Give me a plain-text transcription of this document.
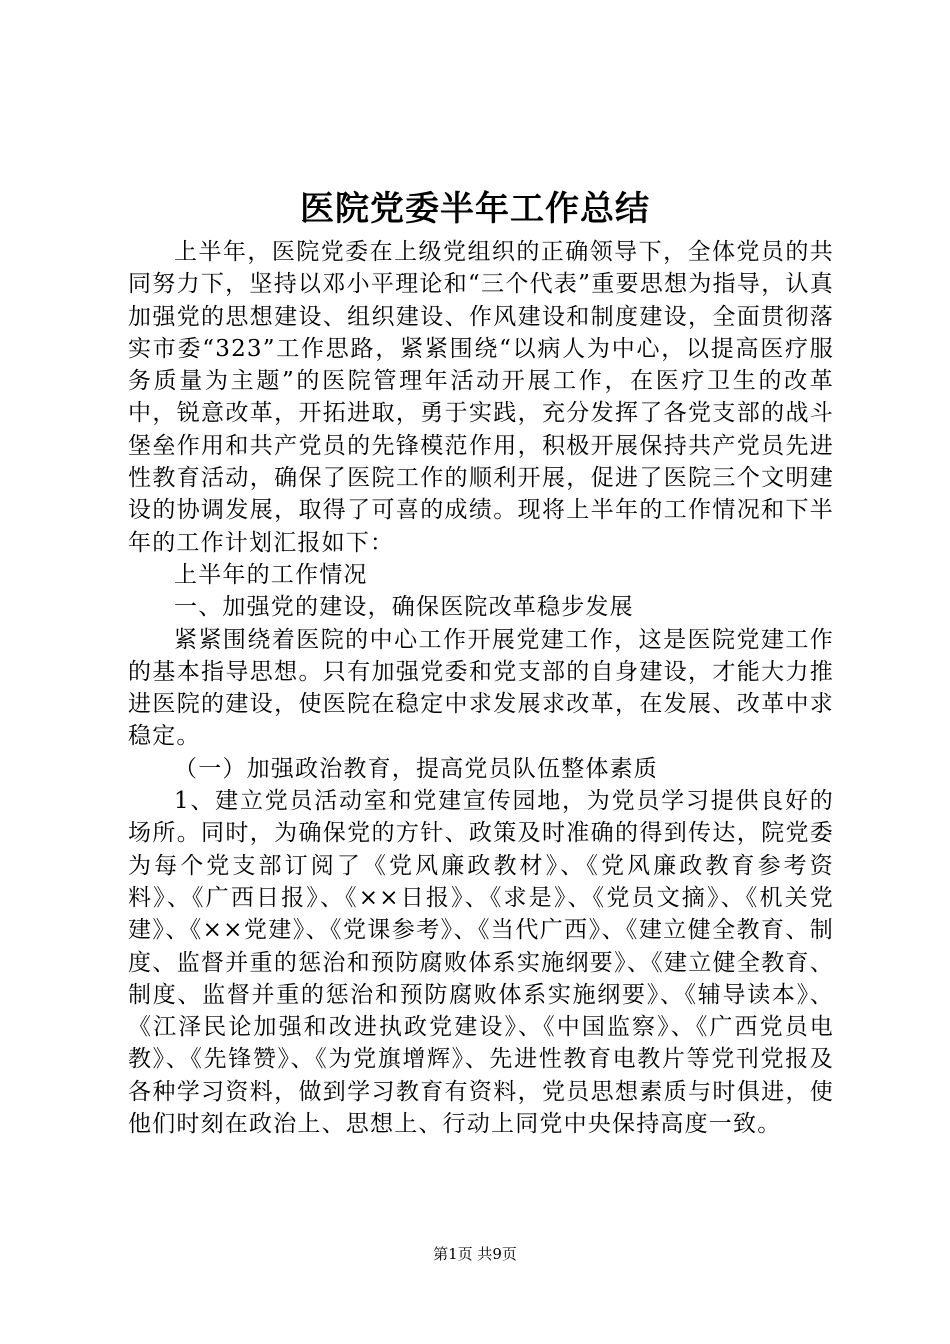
医院党委半年工作总结

上半年，医院党委在上级党组织的正确领导下，全体党员的共同努力下，坚持以邓小平理论和“三个代表”重要思想为指导，认真加强党的思想建设、组织建设、作风建设和制度建设，全面贯彻落实市委“323”工作思路，紧紧围绕“以病人为中心，以提高医疗服务质量为主题”的医院管理年活动开展工作，在医疗卫生的改革中，锐意改革，开拓进取，勇于实践，充分发挥了各党支部的战斗堡垒作用和共产党员的先锋模范作用，积极开展保持共产党员先进性教育活动，确保了医院工作的顺利开展，促进了医院三个文明建设的协调发展，取得了可喜的成绩。现将上半年的工作情况和下半年的工作计划汇报如下：

上半年的工作情况

一、加强党的建设，确保医院改革稳步发展

紧紧围绕着医院的中心工作开展党建工作，这是医院党建工作的基本指导思想。只有加强党委和党支部的自身建设，才能大力推进医院的建设，使医院在稳定中求发展求改革，在发展、改革中求稳定。

（一）加强政治教育，提高党员队伍整体素质

1、建立党员活动室和党建宣传园地，为党员学习提供良好的场所。同时，为确保党的方针、政策及时准确的得到传达，院党委为每个党支部订阅了《党风廉政教材》、《党风廉政教育参考资料》、《广西日报》、《××日报》、《求是》、《党员文摘》、《机关党建》、《××党建》、《党课参考》、《当代广西》、《建立健全教育、制度、监督并重的惩治和预防腐败体系实施纲要》、《建立健全教育、制度、监督并重的惩治和预防腐败体系实施纲要》、《辅导读本》、《江泽民论加强和改进执政党建设》、《中国监察》、《广西党员电教》、《先锋赞》、《为党旗增辉》、先进性教育电教片等党刊党报及各种学习资料，做到学习教育有资料，党员思想素质与时俱进，使他们时刻在政治上、思想上、行动上同党中央保持高度一致。

第1页 共9页
